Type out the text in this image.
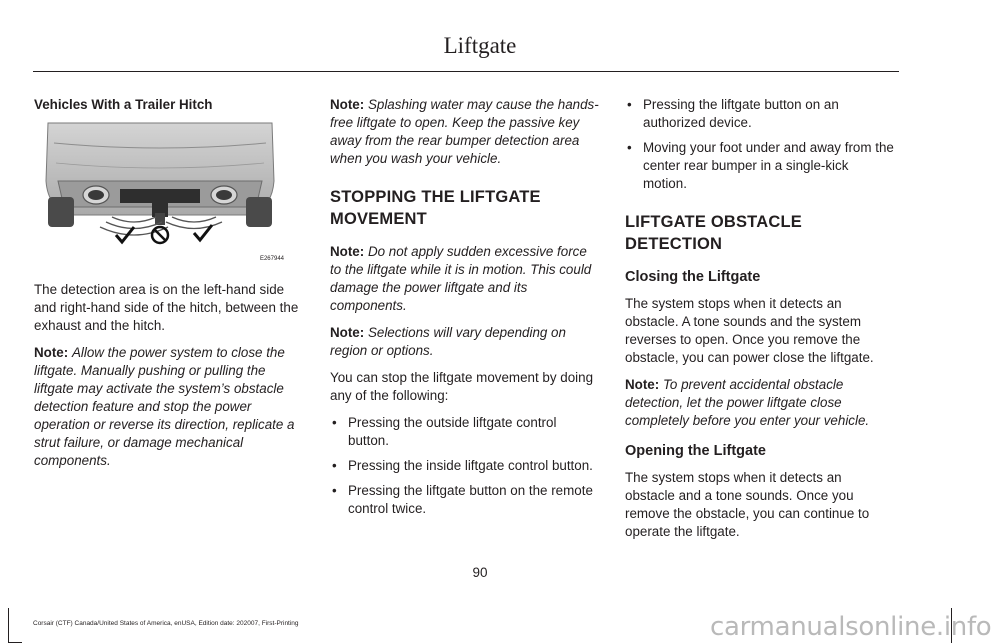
Liftgate

Vehicles With a Trailer Hitch

E267944

The detection area is on the left-hand side and right-hand side of the hitch, between the exhaust and the hitch.

Note: Allow the power system to close the liftgate. Manually pushing or pulling the liftgate may activate the system’s obstacle detection feature and stop the power operation or reverse its direction, replicate a strut failure, or damage mechanical components.

Note: Splashing water may cause the hands-free liftgate to open. Keep the passive key away from the rear bumper detection area when you wash your vehicle.

STOPPING THE LIFTGATE MOVEMENT

Note: Do not apply sudden excessive force to the liftgate while it is in motion. This could damage the power liftgate and its components.

Note: Selections will vary depending on region or options.

You can stop the liftgate movement by doing any of the following:

• Pressing the outside liftgate control button.
• Pressing the inside liftgate control button.
• Pressing the liftgate button on the remote control twice.
• Pressing the liftgate button on an authorized device.
• Moving your foot under and away from the center rear bumper in a single-kick motion.
LIFTGATE OBSTACLE DETECTION
Closing the Liftgate

The system stops when it detects an obstacle. A tone sounds and the system reverses to open. Once you remove the obstacle, you can power close the liftgate.

Note: To prevent accidental obstacle detection, let the power liftgate close completely before you enter your vehicle.

Opening the Liftgate

The system stops when it detects an obstacle and a tone sounds. Once you remove the obstacle, you can continue to operate the liftgate.

90
Corsair (CTF) Canada/United States of America, enUSA, Edition date: 202007, First-Printing	carmanualsonline.info
